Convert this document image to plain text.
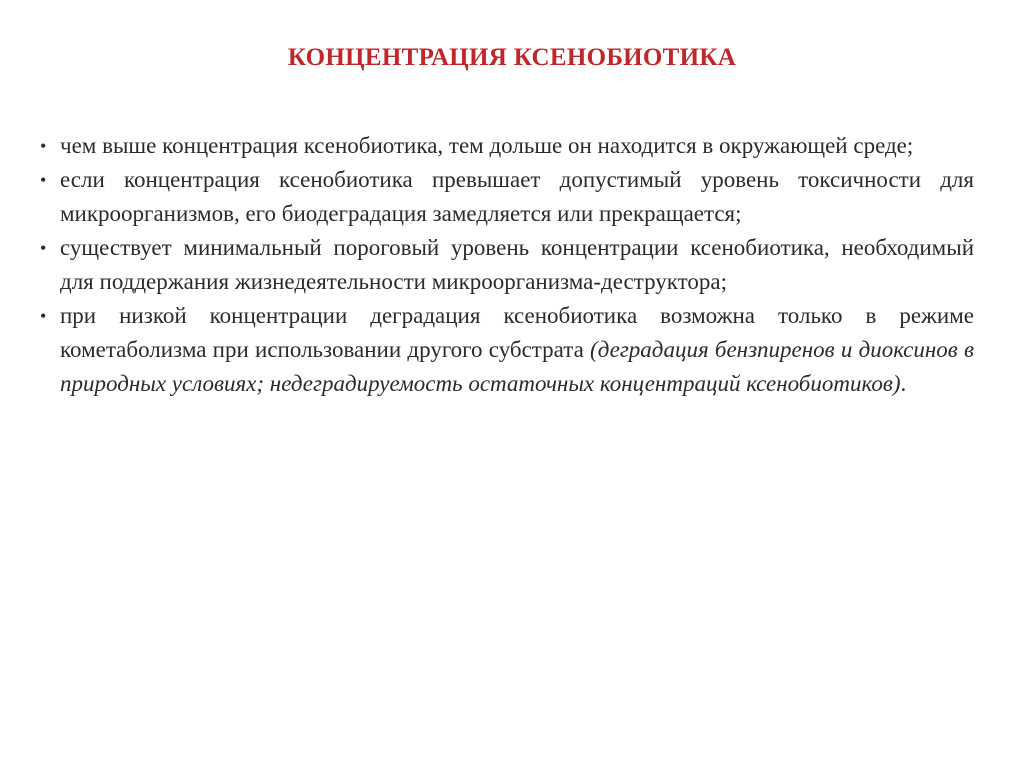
КОНЦЕНТРАЦИЯ КСЕНОБИОТИКА
• чем выше концентрация ксенобиотика, тем дольше он находится в окружающей среде;
• если концентрация ксенобиотика превышает допустимый уровень токсичности для микроорганизмов, его биодеградация замедляется или прекращается;
• существует минимальный пороговый уровень концентрации ксенобиотика, необходимый для поддержания жизнедеятельности микроорганизма-деструктора;
• при низкой концентрации деградация ксенобиотика возможна только в режиме кометаболизма при использовании другого субстрата (деградация бензпиренов и диоксинов в природных условиях; недеградируемость остаточных концентраций ксенобиотиков).
